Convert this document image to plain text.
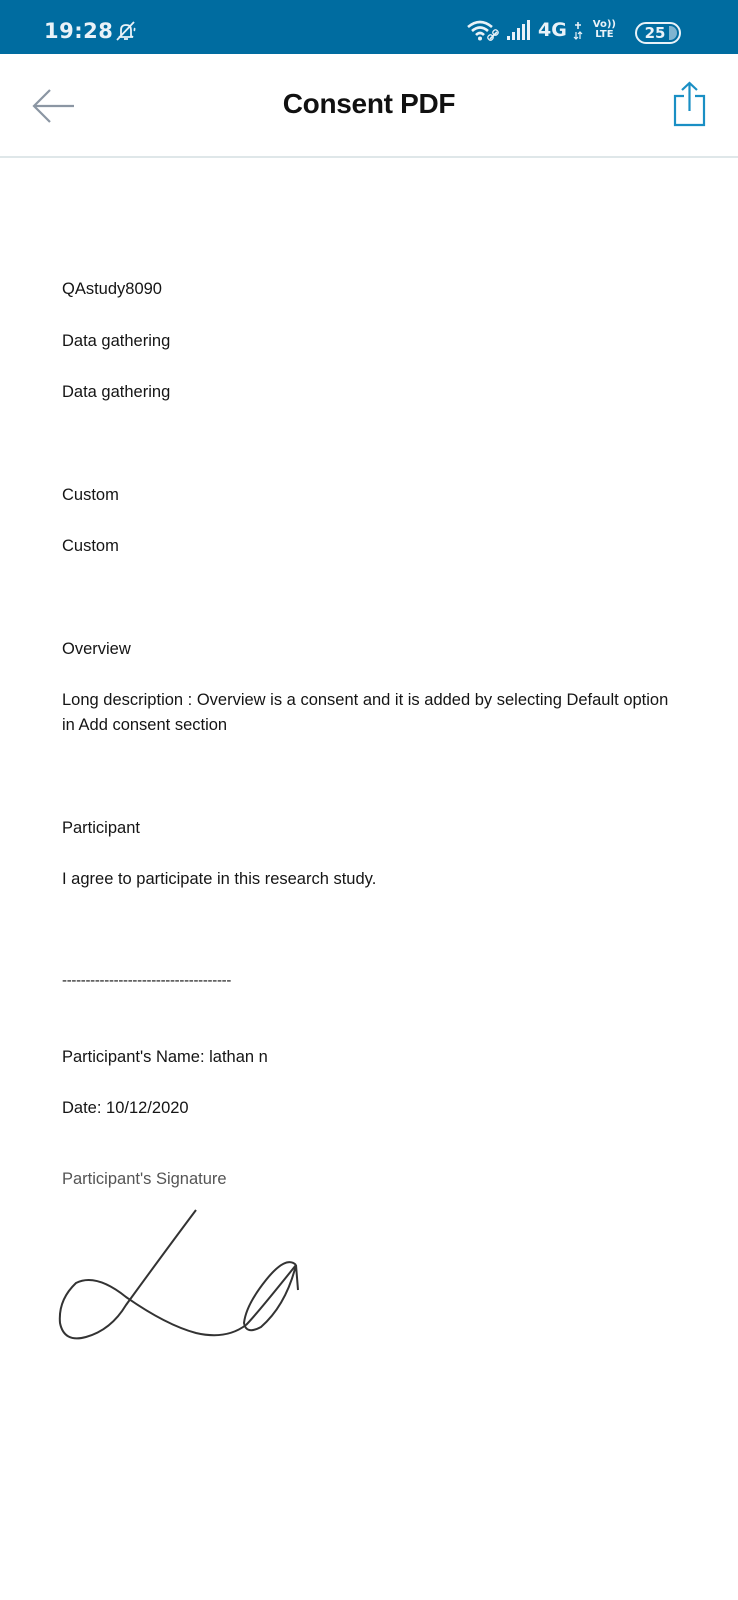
19:28	4G	Vo))
LTE 25
Consent PDF
QAstudy8090
Data gathering
Data gathering
Custom
Custom
Overview
Long description : Overview is a consent and it is added by selecting Default option in Add consent section
Participant
I agree to participate in this research study.
------------------------------------
Participant's Name: lathan n
Date: 10/12/2020
Participant's Signature
